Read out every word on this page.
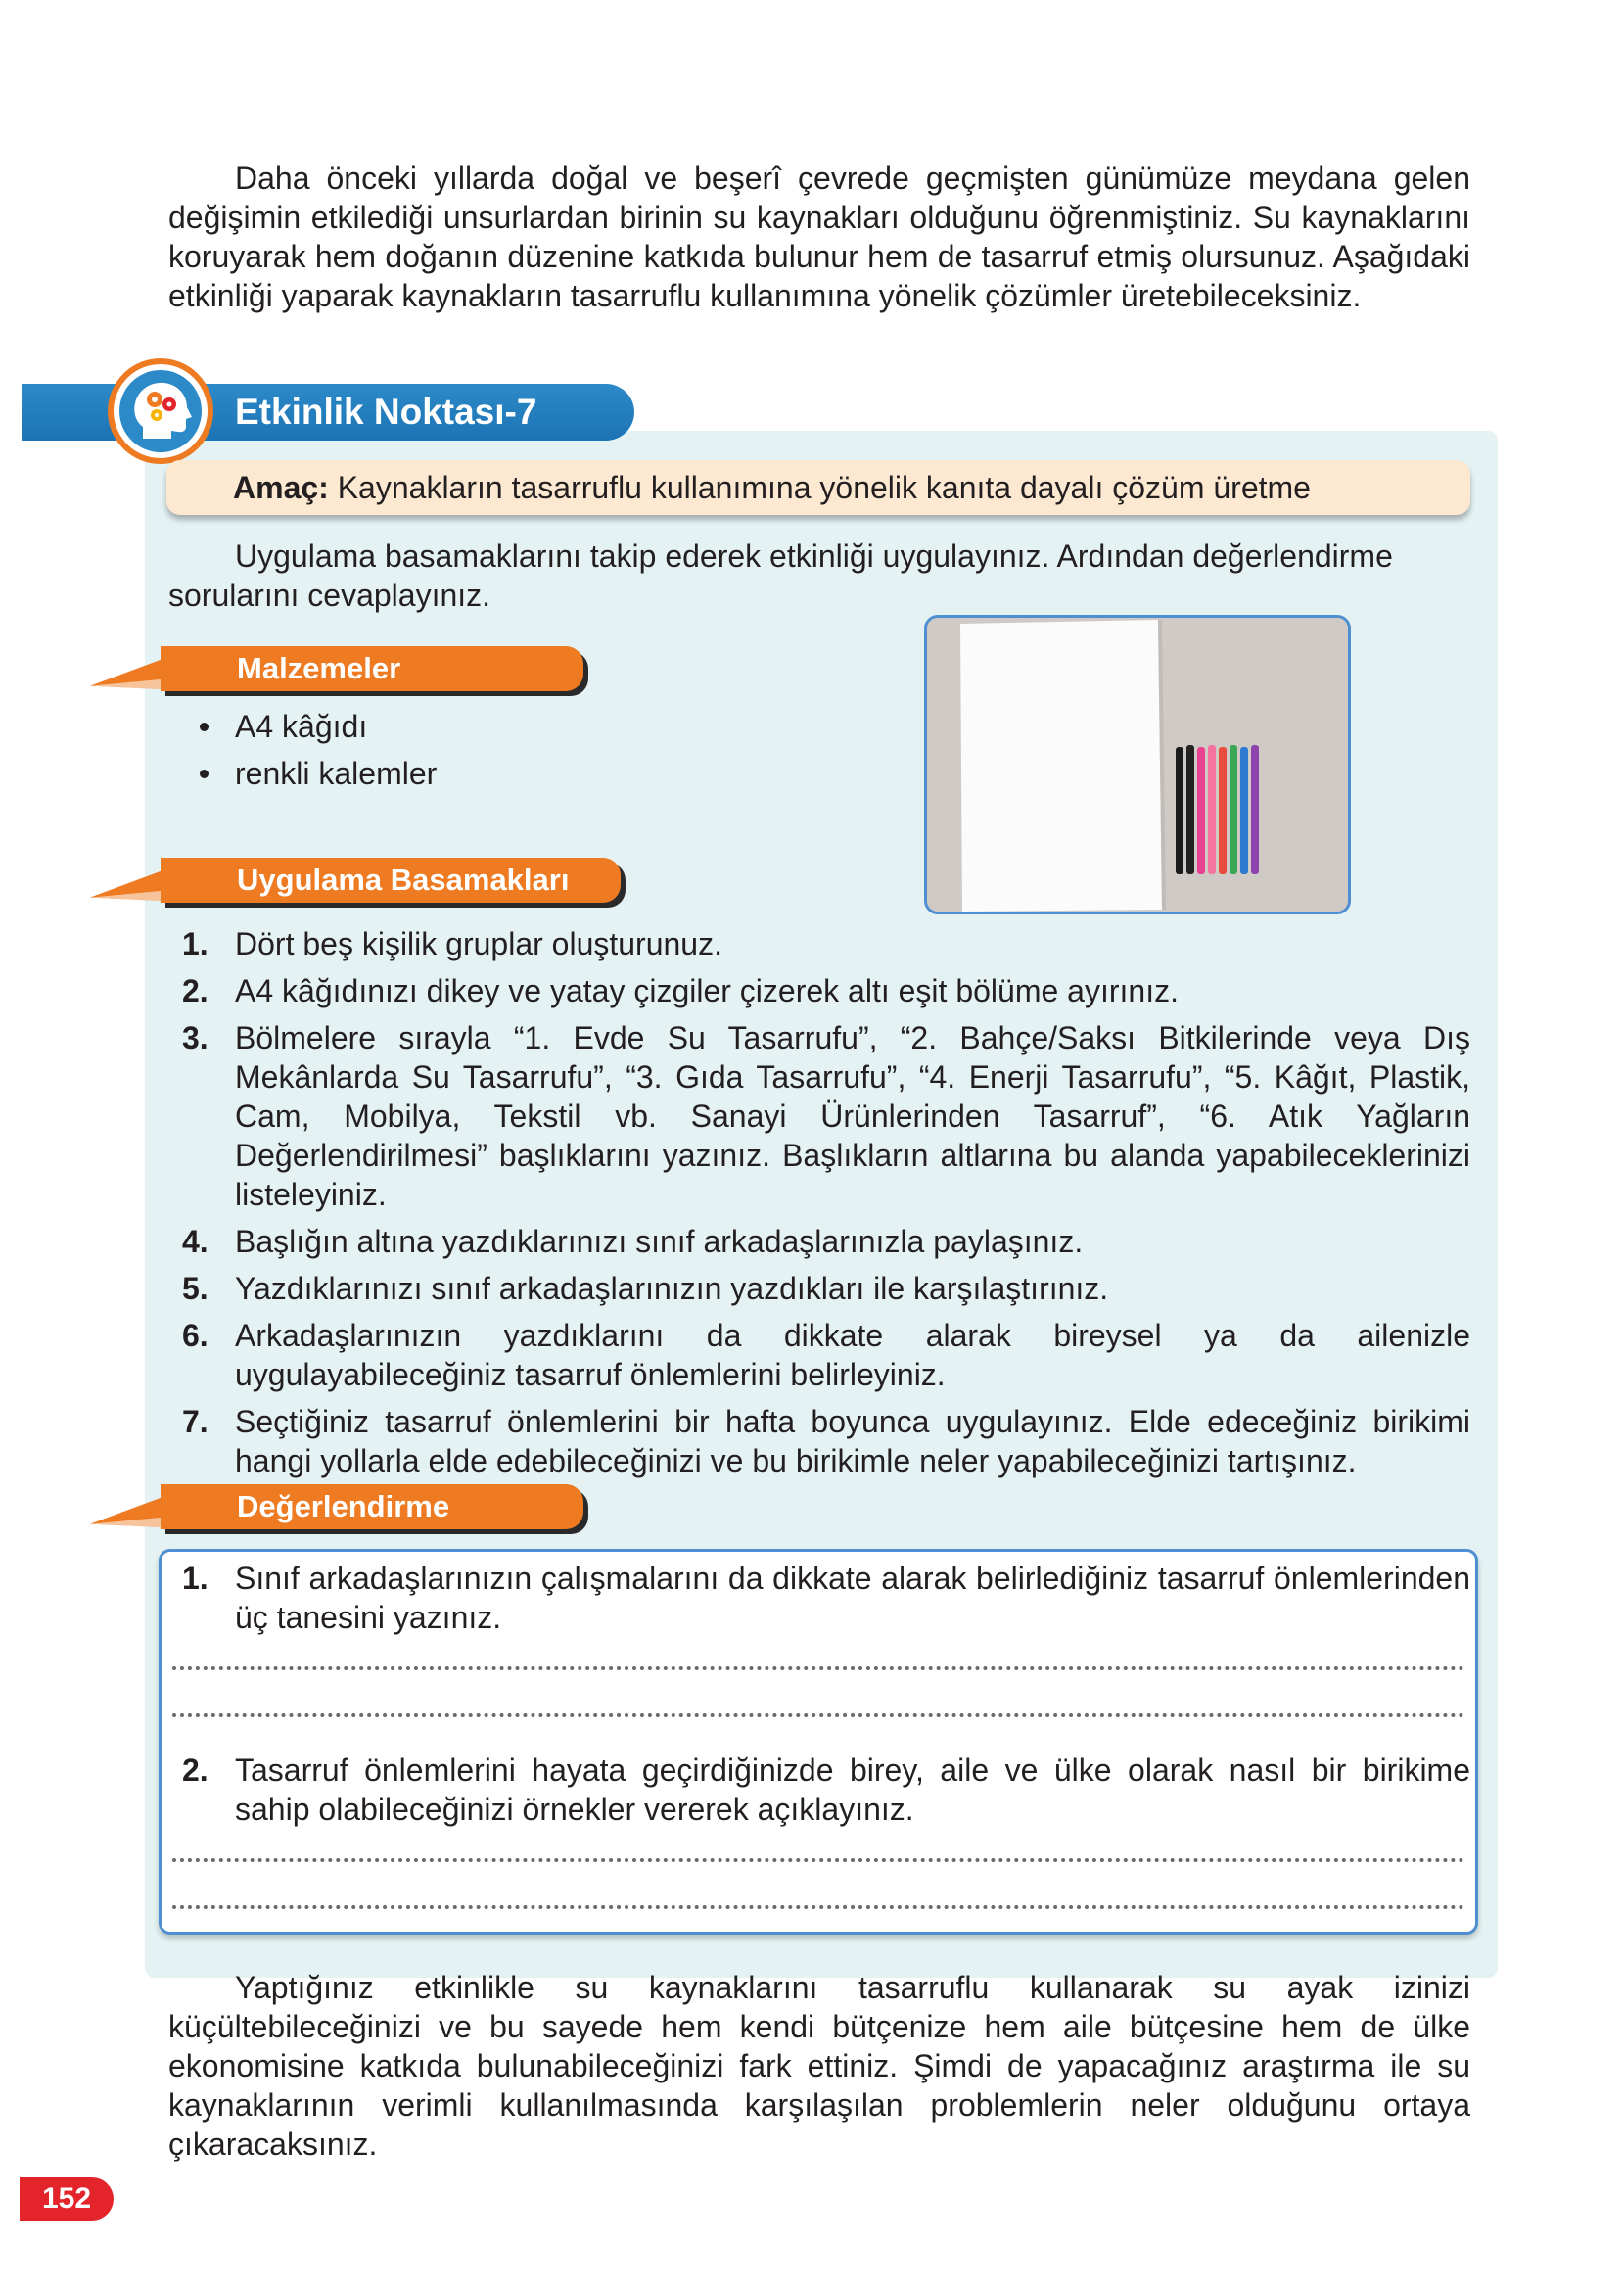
Daha önceki yıllarda doğal ve beşerî çevrede geçmişten günümüze meydana gelen değişimin etkilediği unsurlardan birinin su kaynakları olduğunu öğrenmiştiniz. Su kaynaklarını koruyarak hem doğanın düzenine katkıda bulunur hem de tasarruf etmiş olursunuz. Aşağıdaki etkinliği yaparak kaynakların tasarruflu kullanımına yönelik çözümler üretebileceksiniz.

Etkinlik Noktası-7

Amaç: Kaynakların tasarruflu kullanımına yönelik kanıta dayalı çözüm üretme

Uygulama basamaklarını takip ederek etkinliği uygulayınız. Ardından değerlendirme sorularını cevaplayınız.

Malzemeler
A4 kâğıdı
renkli kalemler
Uygulama Basamakları
1. Dört beş kişilik gruplar oluşturunuz.
2. A4 kâğıdınızı dikey ve yatay çizgiler çizerek altı eşit bölüme ayırınız.
3. Bölmelere sırayla “1. Evde Su Tasarrufu”, “2. Bahçe/Saksı Bitkilerinde veya Dış Mekânlarda Su Tasarrufu”, “3. Gıda Tasarrufu”, “4. Enerji Tasarrufu”, “5. Kâğıt, Plastik, Cam, Mobilya, Tekstil vb. Sanayi Ürünlerinden Tasarruf”, “6. Atık Yağların Değerlendirilmesi” başlıklarını yazınız. Başlıkların altlarına bu alanda yapabileceklerinizi listeleyiniz.
4. Başlığın altına yazdıklarınızı sınıf arkadaşlarınızla paylaşınız.
5. Yazdıklarınızı sınıf arkadaşlarınızın yazdıkları ile karşılaştırınız.
6. Arkadaşlarınızın yazdıklarını da dikkate alarak bireysel ya da ailenizle uygulayabileceğiniz tasarruf önlemlerini belirleyiniz.
7. Seçtiğiniz tasarruf önlemlerini bir hafta boyunca uygulayınız. Elde edeceğiniz birikimi hangi yollarla elde edebileceğinizi ve bu birikimle neler yapabileceğinizi tartışınız.
Değerlendirme
1. Sınıf arkadaşlarınızın çalışmalarını da dikkate alarak belirlediğiniz tasarruf önlemlerinden üç tanesini yazınız.
2. Tasarruf önlemlerini hayata geçirdiğinizde birey, aile ve ülke olarak nasıl bir birikime sahip olabileceğinizi örnekler vererek açıklayınız.

Yaptığınız etkinlikle su kaynaklarını tasarruflu kullanarak su ayak izinizi küçültebileceğinizi ve bu sayede hem kendi bütçenize hem aile bütçesine hem de ülke ekonomisine katkıda bulunabileceğinizi fark ettiniz. Şimdi de yapacağınız araştırma ile su kaynaklarının verimli kullanılmasında karşılaşılan problemlerin neler olduğunu ortaya çıkaracaksınız.

152
